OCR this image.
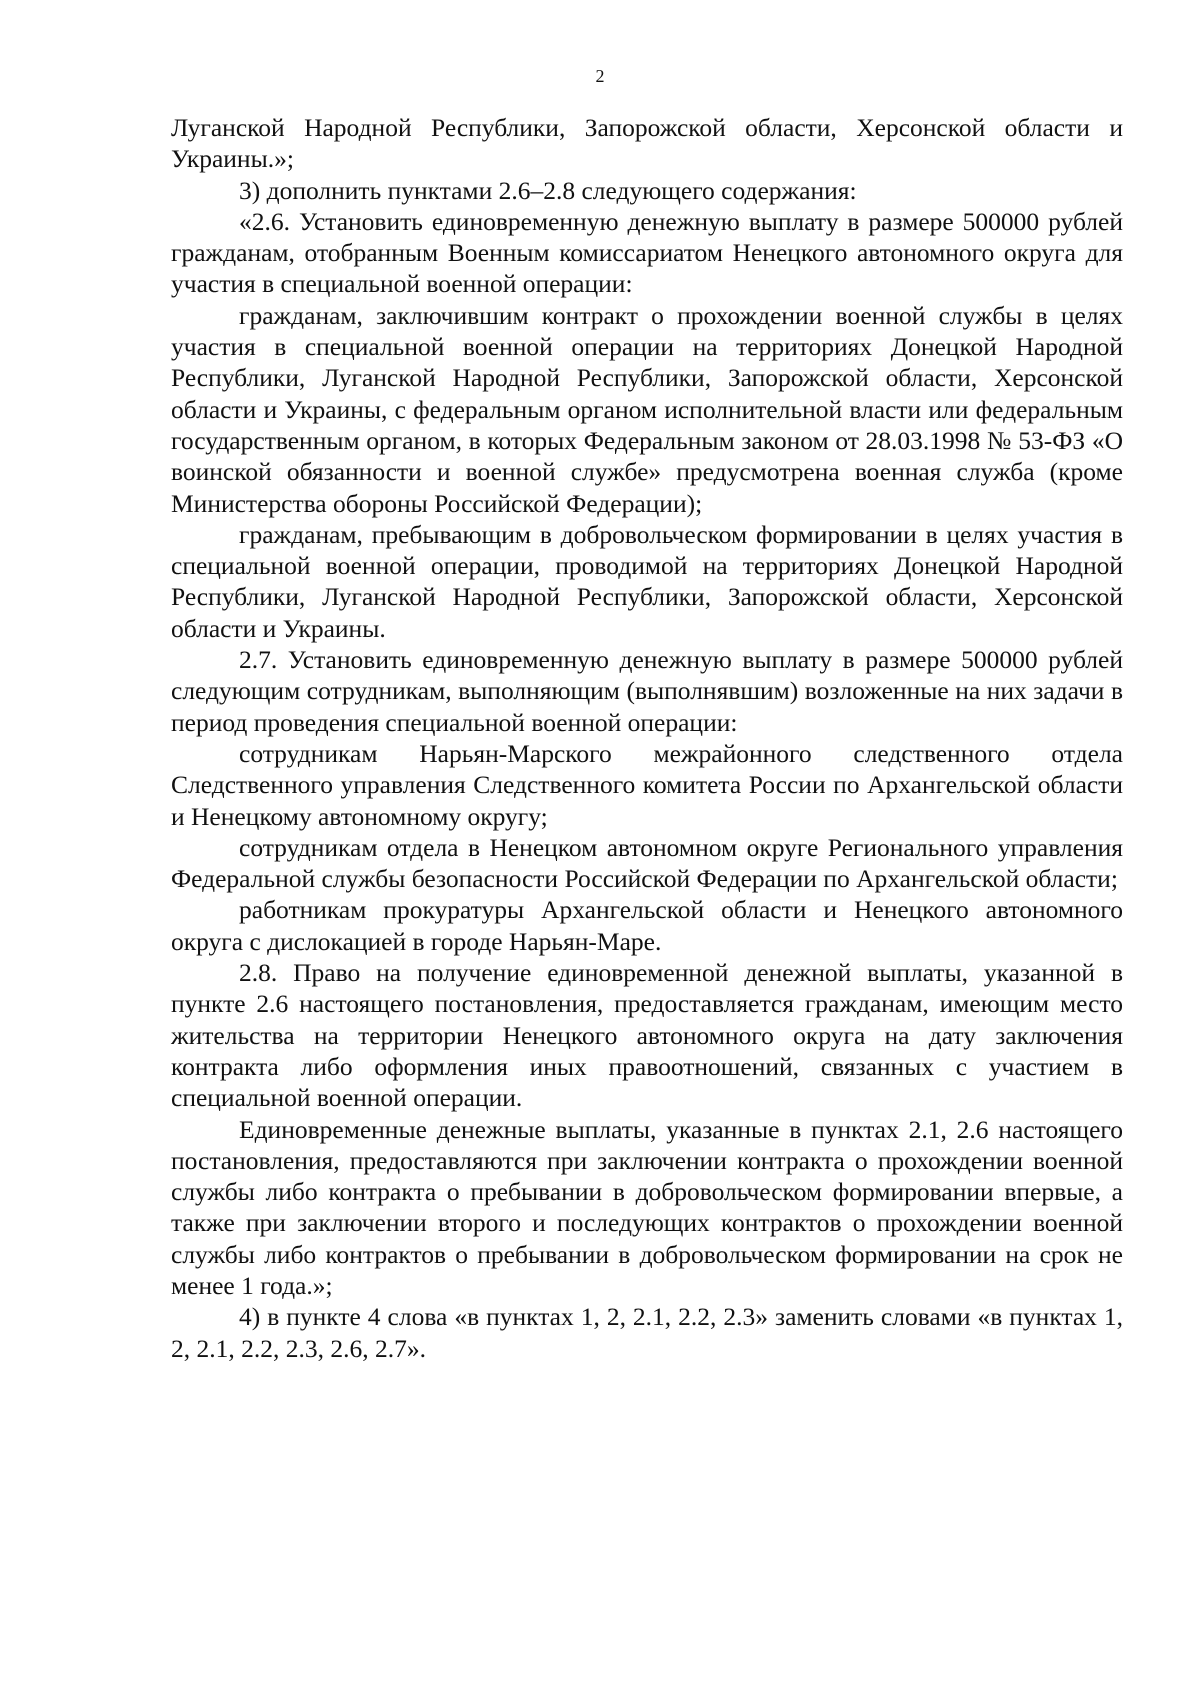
2

Луганской Народной Республики, Запорожской области, Херсонской области и Украины.»;

3) дополнить пунктами 2.6–2.8 следующего содержания:

«2.6. Установить единовременную денежную выплату в размере 500000 рублей гражданам, отобранным Военным комиссариатом Ненецкого автономного округа для участия в специальной военной операции:

гражданам, заключившим контракт о прохождении военной службы в целях участия в специальной военной операции на территориях Донецкой Народной Республики, Луганской Народной Республики, Запорожской области, Херсонской области и Украины, с федеральным органом исполнительной власти или федеральным государственным органом, в которых Федеральным законом от 28.03.1998 № 53-ФЗ «О воинской обязанности и военной службе» предусмотрена военная служба (кроме Министерства обороны Российской Федерации);

гражданам, пребывающим в добровольческом формировании в целях участия в специальной военной операции, проводимой на территориях Донецкой Народной Республики, Луганской Народной Республики, Запорожской области, Херсонской области и Украины.

2.7. Установить единовременную денежную выплату в размере 500000 рублей следующим сотрудникам, выполняющим (выполнявшим) возложенные на них задачи в период проведения специальной военной операции:

сотрудникам Нарьян-Марского межрайонного следственного отдела Следственного управления Следственного комитета России по Архангельской области и Ненецкому автономному округу;

сотрудникам отдела в Ненецком автономном округе Регионального управления Федеральной службы безопасности Российской Федерации по Архангельской области;

работникам прокуратуры Архангельской области и Ненецкого автономного округа с дислокацией в городе Нарьян-Маре.

2.8. Право на получение единовременной денежной выплаты, указанной в пункте 2.6 настоящего постановления, предоставляется гражданам, имеющим место жительства на территории Ненецкого автономного округа на дату заключения контракта либо оформления иных правоотношений, связанных с участием в специальной военной операции.

Единовременные денежные выплаты, указанные в пунктах 2.1, 2.6 настоящего постановления, предоставляются при заключении контракта о прохождении военной службы либо контракта о пребывании в добровольческом формировании впервые, а также при заключении второго и последующих контрактов о прохождении военной службы либо контрактов о пребывании в добровольческом формировании на срок не менее 1 года.»;

4) в пункте 4 слова «в пунктах 1, 2, 2.1, 2.2, 2.3» заменить словами «в пунктах 1, 2, 2.1, 2.2, 2.3, 2.6, 2.7».
